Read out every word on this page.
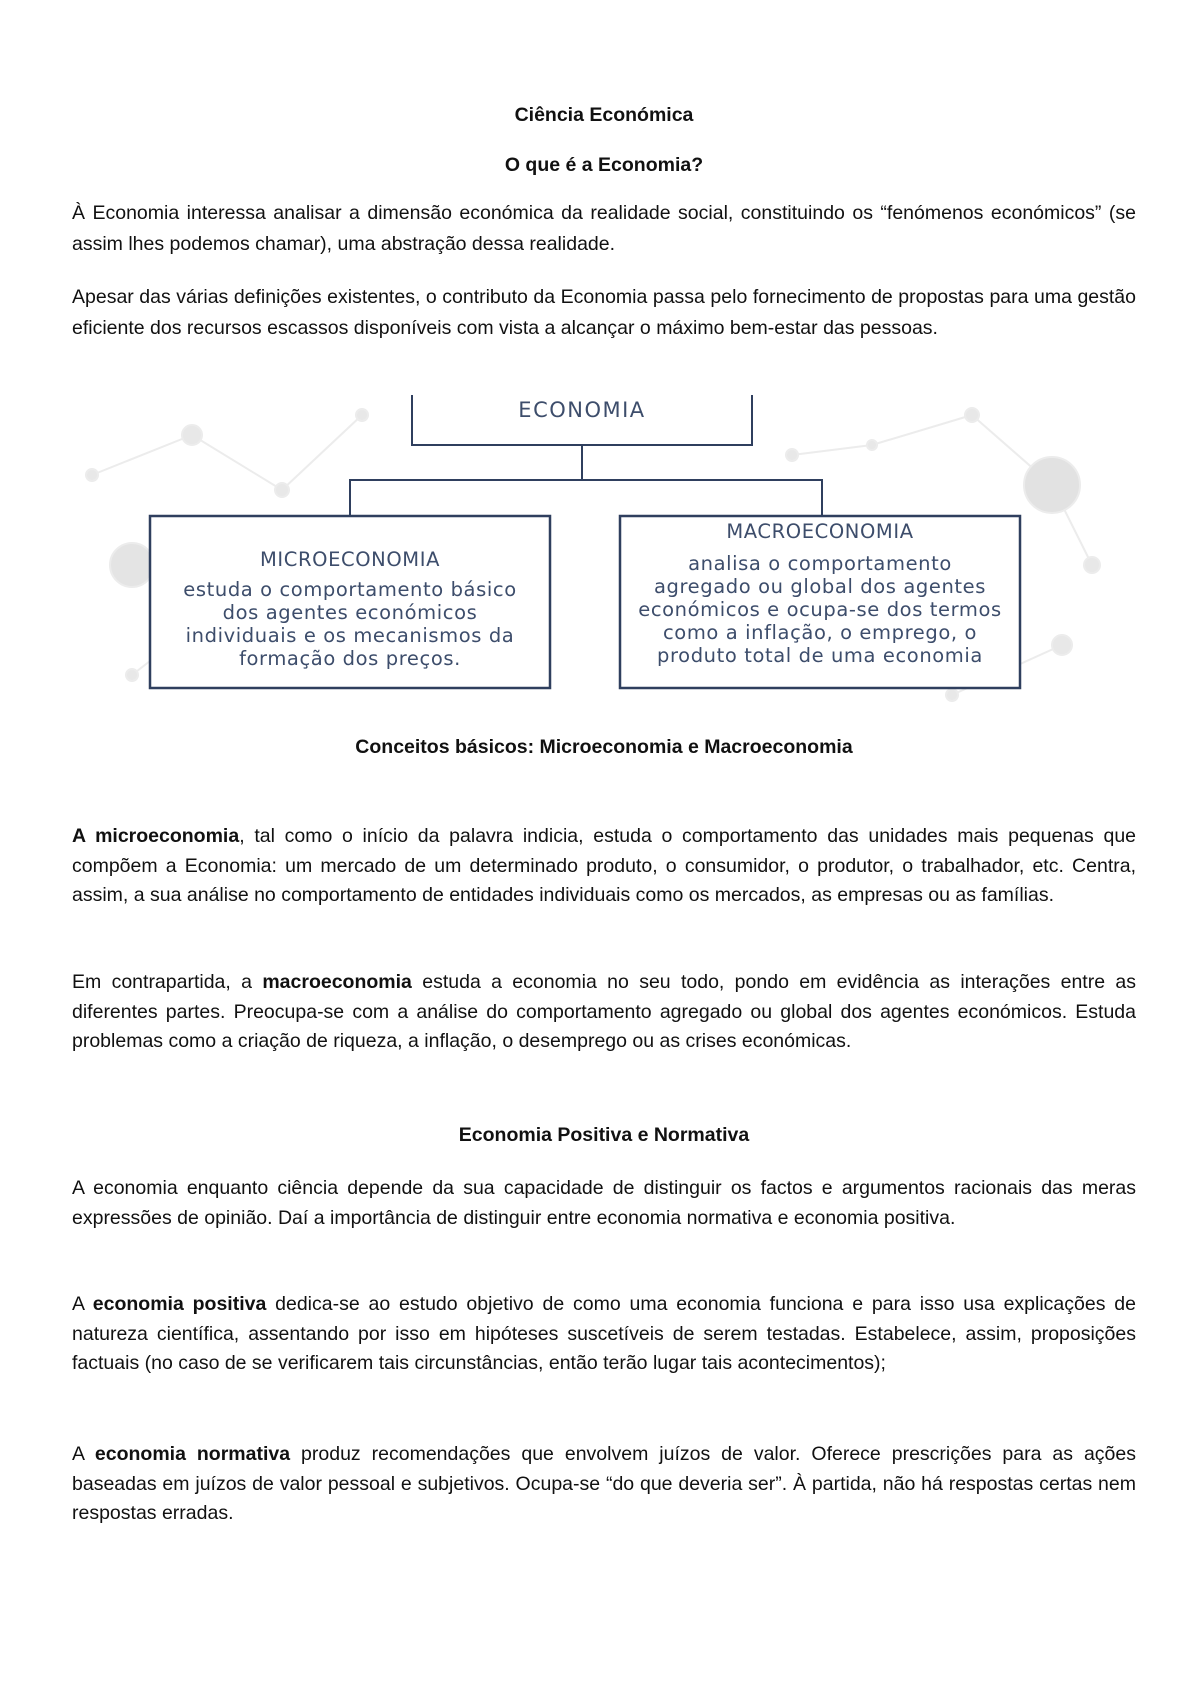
Ciência Económica
O que é a Economia?

À Economia interessa analisar a dimensão económica da realidade social, constituindo os “fenómenos económicos” (se assim lhes podemos chamar), uma abstração dessa realidade.

Apesar das várias definições existentes, o contributo da Economia passa pelo fornecimento de propostas para uma gestão eficiente dos recursos escassos disponíveis com vista a alcançar o máximo bem-estar das pessoas.

ECONOMIA
MICROECONOMIA
estuda o comportamento básico
dos agentes económicos
individuais e os mecanismos da
formação dos preços.
MACROECONOMIA
analisa o comportamento
agregado ou global dos agentes
económicos e ocupa-se dos termos
como a inflação, o emprego, o
produto total de uma economia
Conceitos básicos: Microeconomia e Macroeconomia

A microeconomia, tal como o início da palavra indicia, estuda o comportamento das unidades mais pequenas que compõem a Economia: um mercado de um determinado produto, o consumidor, o produtor, o trabalhador, etc. Centra, assim, a sua análise no comportamento de entidades individuais como os mercados, as empresas ou as famílias.

Em contrapartida, a macroeconomia estuda a economia no seu todo, pondo em evidência as interações entre as diferentes partes. Preocupa-se com a análise do comportamento agregado ou global dos agentes económicos. Estuda problemas como a criação de riqueza, a inflação, o desemprego ou as crises económicas.

Economia Positiva e Normativa

A economia enquanto ciência depende da sua capacidade de distinguir os factos e argumentos racionais das meras expressões de opinião. Daí a importância de distinguir entre economia normativa e economia positiva.

A economia positiva dedica-se ao estudo objetivo de como uma economia funciona e para isso usa explicações de natureza científica, assentando por isso em hipóteses suscetíveis de serem testadas. Estabelece, assim, proposições factuais (no caso de se verificarem tais circunstâncias, então terão lugar tais acontecimentos);

A economia normativa produz recomendações que envolvem juízos de valor. Oferece prescrições para as ações baseadas em juízos de valor pessoal e subjetivos. Ocupa-se “do que deveria ser”. À partida, não há respostas certas nem respostas erradas.
